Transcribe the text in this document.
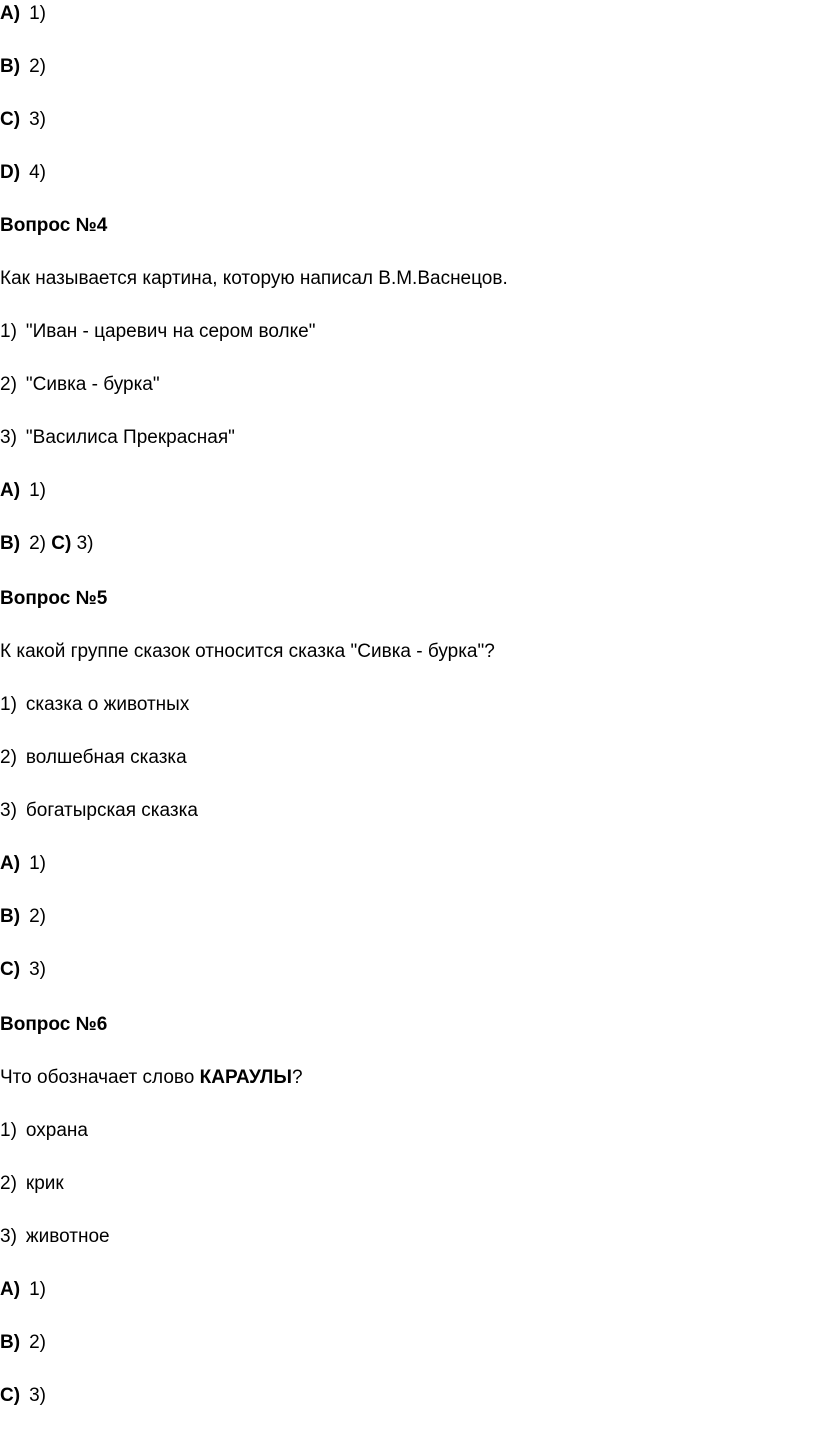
A) 1)
B) 2)
C) 3)
D) 4)
Вопрос №4
Как называется картина, которую написал В.М.Васнецов.
1) "Иван - царевич на сером волке"
2) "Сивка - бурка"
3) "Василиса Прекрасная"
A) 1)
B) 2) C) 3)
Вопрос №5
К какой группе сказок относится сказка "Сивка - бурка"?
1) сказка о животных
2) волшебная сказка
3) богатырская сказка
A) 1)
B) 2)
C) 3)
Вопрос №6
Что обозначает слово КАРАУЛЫ?
1) охрана
2) крик
3) животное
A) 1)
B) 2)
C) 3)
